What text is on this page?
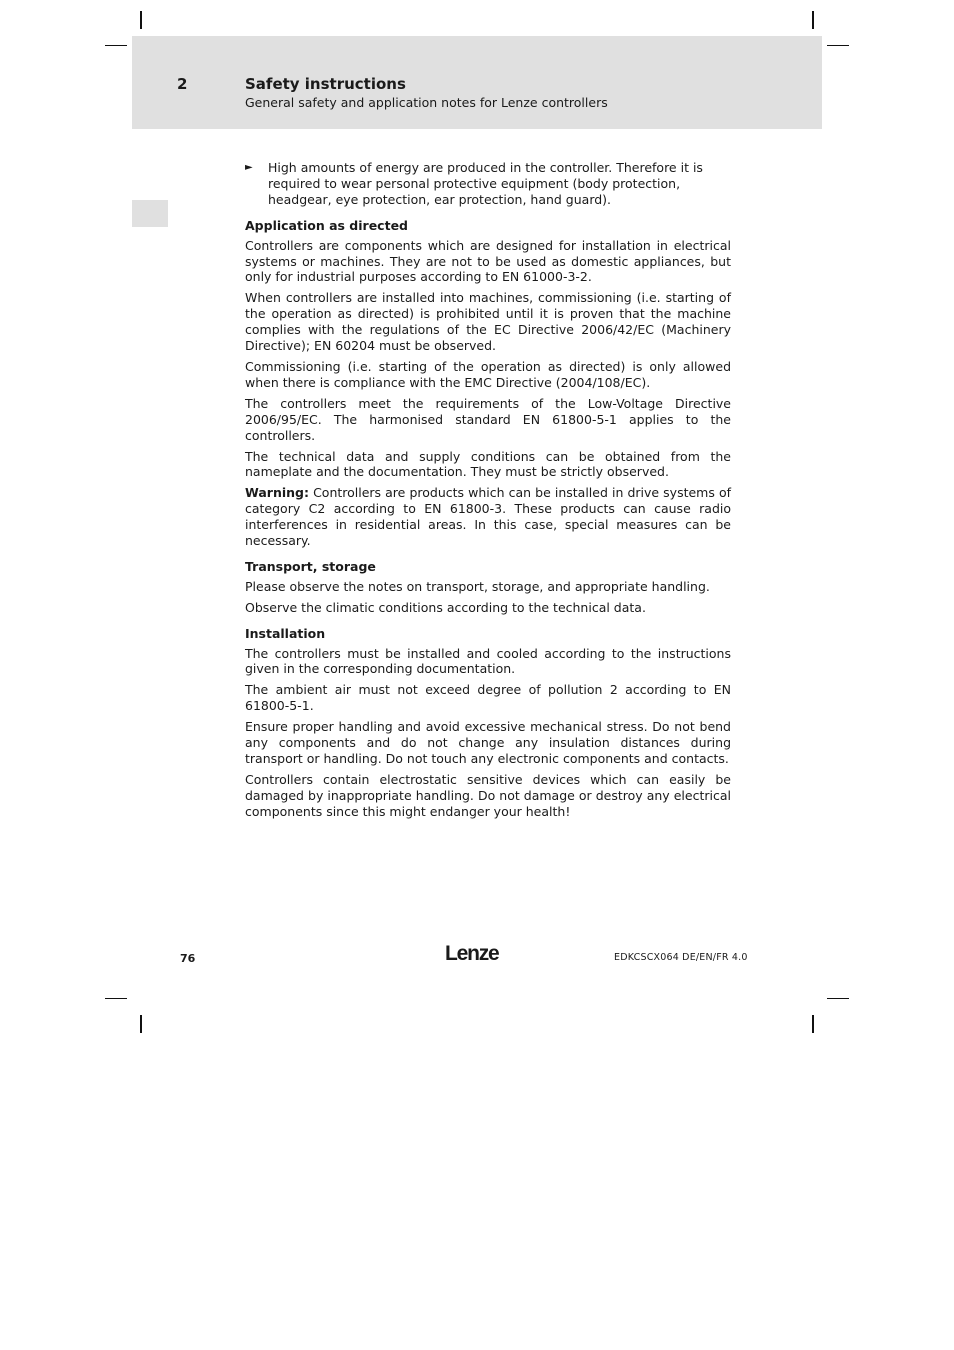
2	Safety instructions
General safety and application notes for Lenze controllers
► High amounts of energy are produced in the controller. Therefore it is required to wear personal protective equipment (body protection, headgear, eye protection, ear protection, hand guard).
Application as directed

Controllers are components which are designed for installation in electrical systems or machines. They are not to be used as domestic appliances, but only for industrial purposes according to EN 61000-3-2.

When controllers are installed into machines, commissioning (i.e. starting of the operation as directed) is prohibited until it is proven that the machine complies with the regulations of the EC Directive 2006/42/EC (Machinery Directive); EN 60204 must be observed.

Commissioning (i.e. starting of the operation as directed) is only allowed when there is compliance with the EMC Directive (2004/108/EC).

The controllers meet the requirements of the Low-Voltage Directive 2006/95/EC. The harmonised standard EN 61800-5-1 applies to the controllers.

The technical data and supply conditions can be obtained from the nameplate and the documentation. They must be strictly observed.

Warning: Controllers are products which can be installed in drive systems of category C2 according to EN 61800-3. These products can cause radio interferences in residential areas. In this case, special measures can be necessary.

Transport, storage

Please observe the notes on transport, storage, and appropriate handling.

Observe the climatic conditions according to the technical data.

Installation

The controllers must be installed and cooled according to the instructions given in the corresponding documentation.

The ambient air must not exceed degree of pollution 2 according to EN 61800-5-1.

Ensure proper handling and avoid excessive mechanical stress. Do not bend any components and do not change any insulation distances during transport or handling. Do not touch any electronic components and contacts.

Controllers contain electrostatic sensitive devices which can easily be damaged by inappropriate handling. Do not damage or destroy any electrical components since this might endanger your health!

76	Lenze	EDKCSCX064 DE/EN/FR 4.0
